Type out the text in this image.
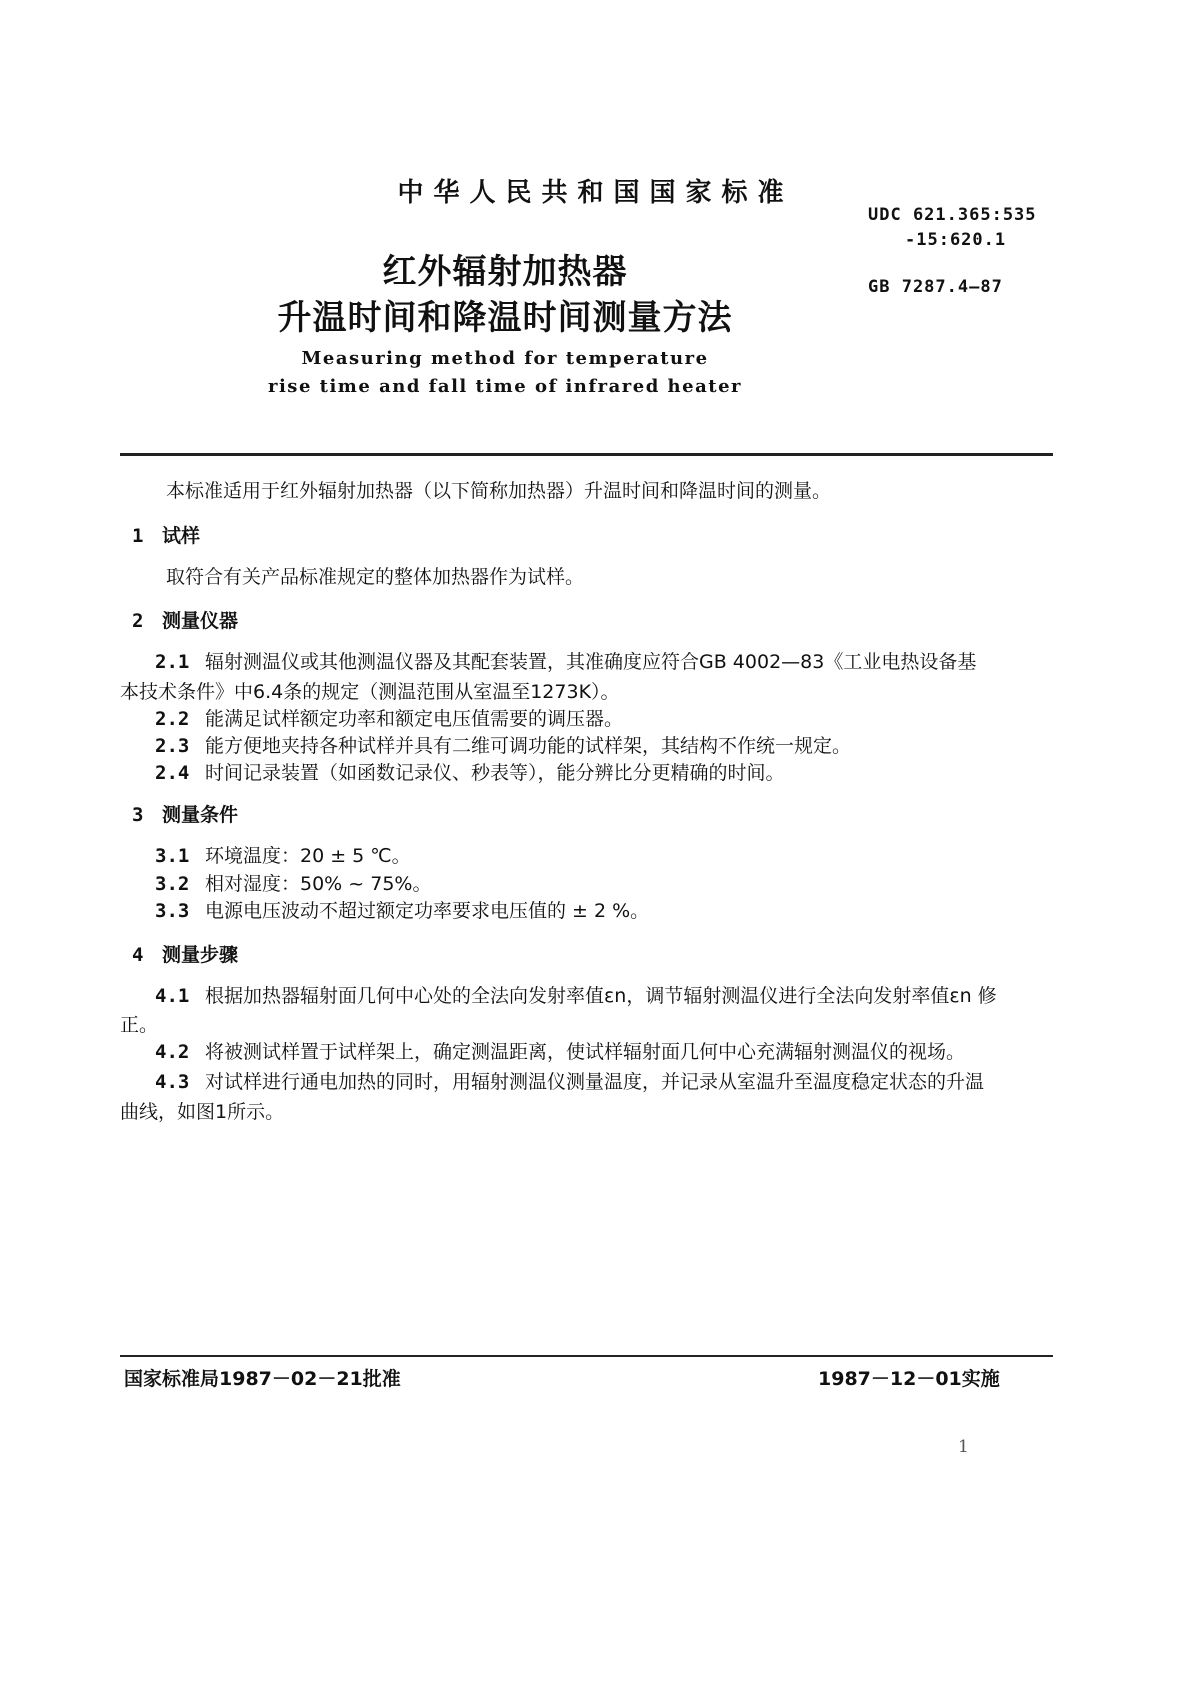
中华人民共和国国家标准
UDC 621.365:535
-15:620.1
GB 7287.4—87
红外辐射加热器
升温时间和降温时间测量方法
Measuring method for temperature
rise time and fall time of infrared heater
本标准适用于红外辐射加热器（以下简称加热器）升温时间和降温时间的测量。
1 试样
取符合有关产品标准规定的整体加热器作为试样。
2 测量仪器
2.1 辐射测温仪或其他测温仪器及其配套装置，其准确度应符合GB 4002—83《工业电热设备基
本技术条件》中6.4条的规定（测温范围从室温至1273K）。
2.2 能满足试样额定功率和额定电压值需要的调压器。
2.3 能方便地夹持各种试样并具有二维可调功能的试样架，其结构不作统一规定。
2.4 时间记录装置（如函数记录仪、秒表等），能分辨比分更精确的时间。
3 测量条件
3.1 环境温度：20 ± 5 ℃。
3.2 相对湿度：50% ~ 75%。
3.3 电源电压波动不超过额定功率要求电压值的 ± 2 %。
4 测量步骤
4.1 根据加热器辐射面几何中心处的全法向发射率值εn，调节辐射测温仪进行全法向发射率值εn 修
正。
4.2 将被测试样置于试样架上，确定测温距离，使试样辐射面几何中心充满辐射测温仪的视场。
4.3 对试样进行通电加热的同时，用辐射测温仪测量温度，并记录从室温升至温度稳定状态的升温
曲线，如图1所示。
国家标准局1987－02－21批准	1987－12－01实施
1
